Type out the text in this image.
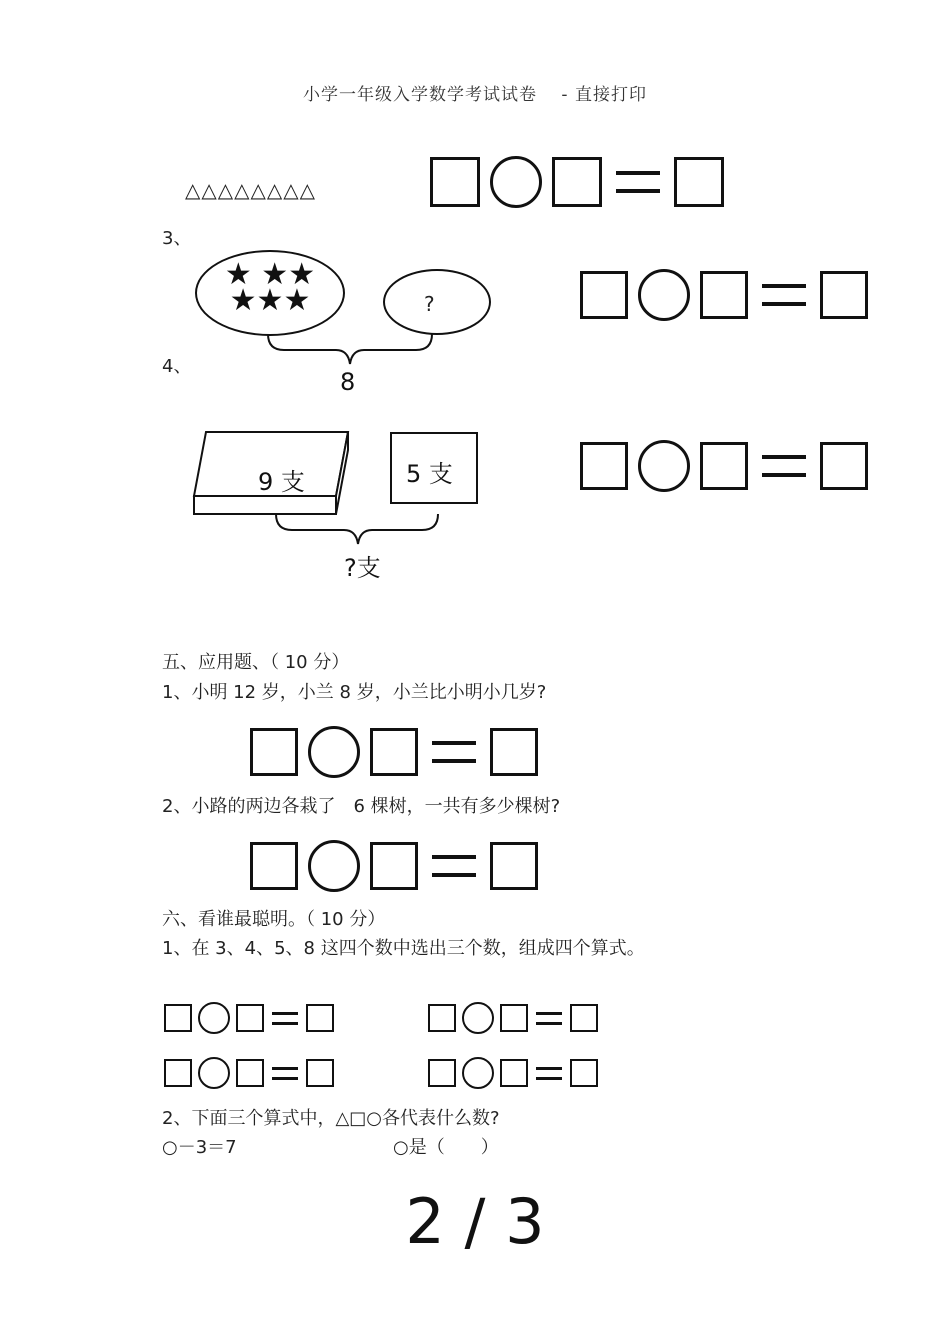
小学一年级入学数学考试试卷 　- 直接打印
△△△△△△△△
3、
★ ★★
★★★	?
8
4、
9 支	5 支
?支
五、应用题、（ 10 分）
1、小明 12 岁，小兰 8 岁，小兰比小明小几岁?
2、小路的两边各栽了　6 棵树，一共有多少棵树?
六、看谁最聪明。（ 10 分）
1、在 3、4、5、8 这四个数中选出三个数，组成四个算式。
2、下面三个算式中，△□○各代表什么数?
○－3＝7	○是（　　）
2 / 3
